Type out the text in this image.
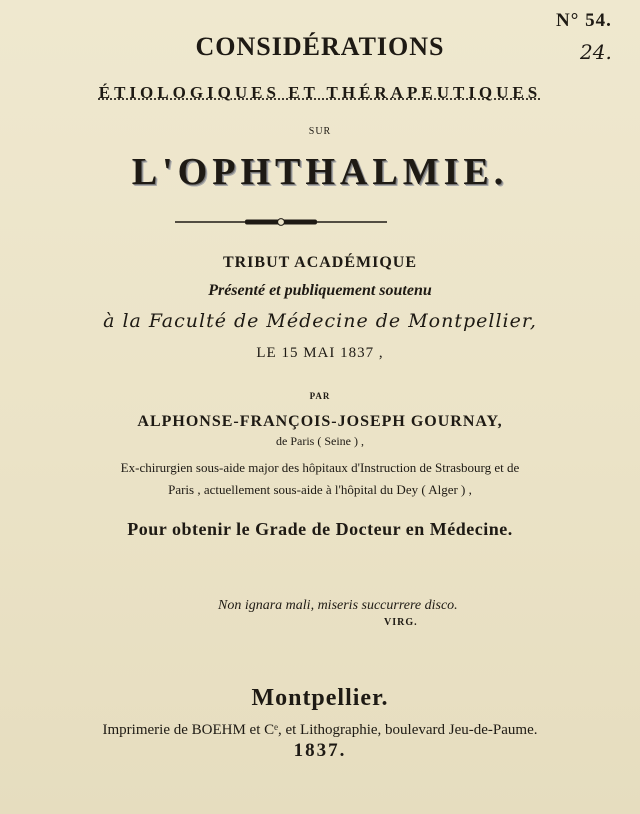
N° 54.
24.
CONSIDÉRATIONS
ÉTIOLOGIQUES ET THÉRAPEUTIQUES
SUR
L'OPHTHALMIE.
TRIBUT ACADÉMIQUE
Présenté et publiquement soutenu
à la Faculté de Médecine de Montpellier,
LE 15 MAI 1837 ,
PAR
ALPHONSE-FRANÇOIS-JOSEPH GOURNAY,
de Paris ( Seine ) ,
Ex-chirurgien sous-aide major des hôpitaux d'Instruction de Strasbourg et de
Paris , actuellement sous-aide à l'hôpital du Dey ( Alger ) ,
Pour obtenir le Grade de Docteur en Médecine.
Non ignara mali, miseris succurrere disco.
VIRG.
Montpellier.
Imprimerie de BOEHM et Cᵉ, et Lithographie, boulevard Jeu-de-Paume.
1837.
